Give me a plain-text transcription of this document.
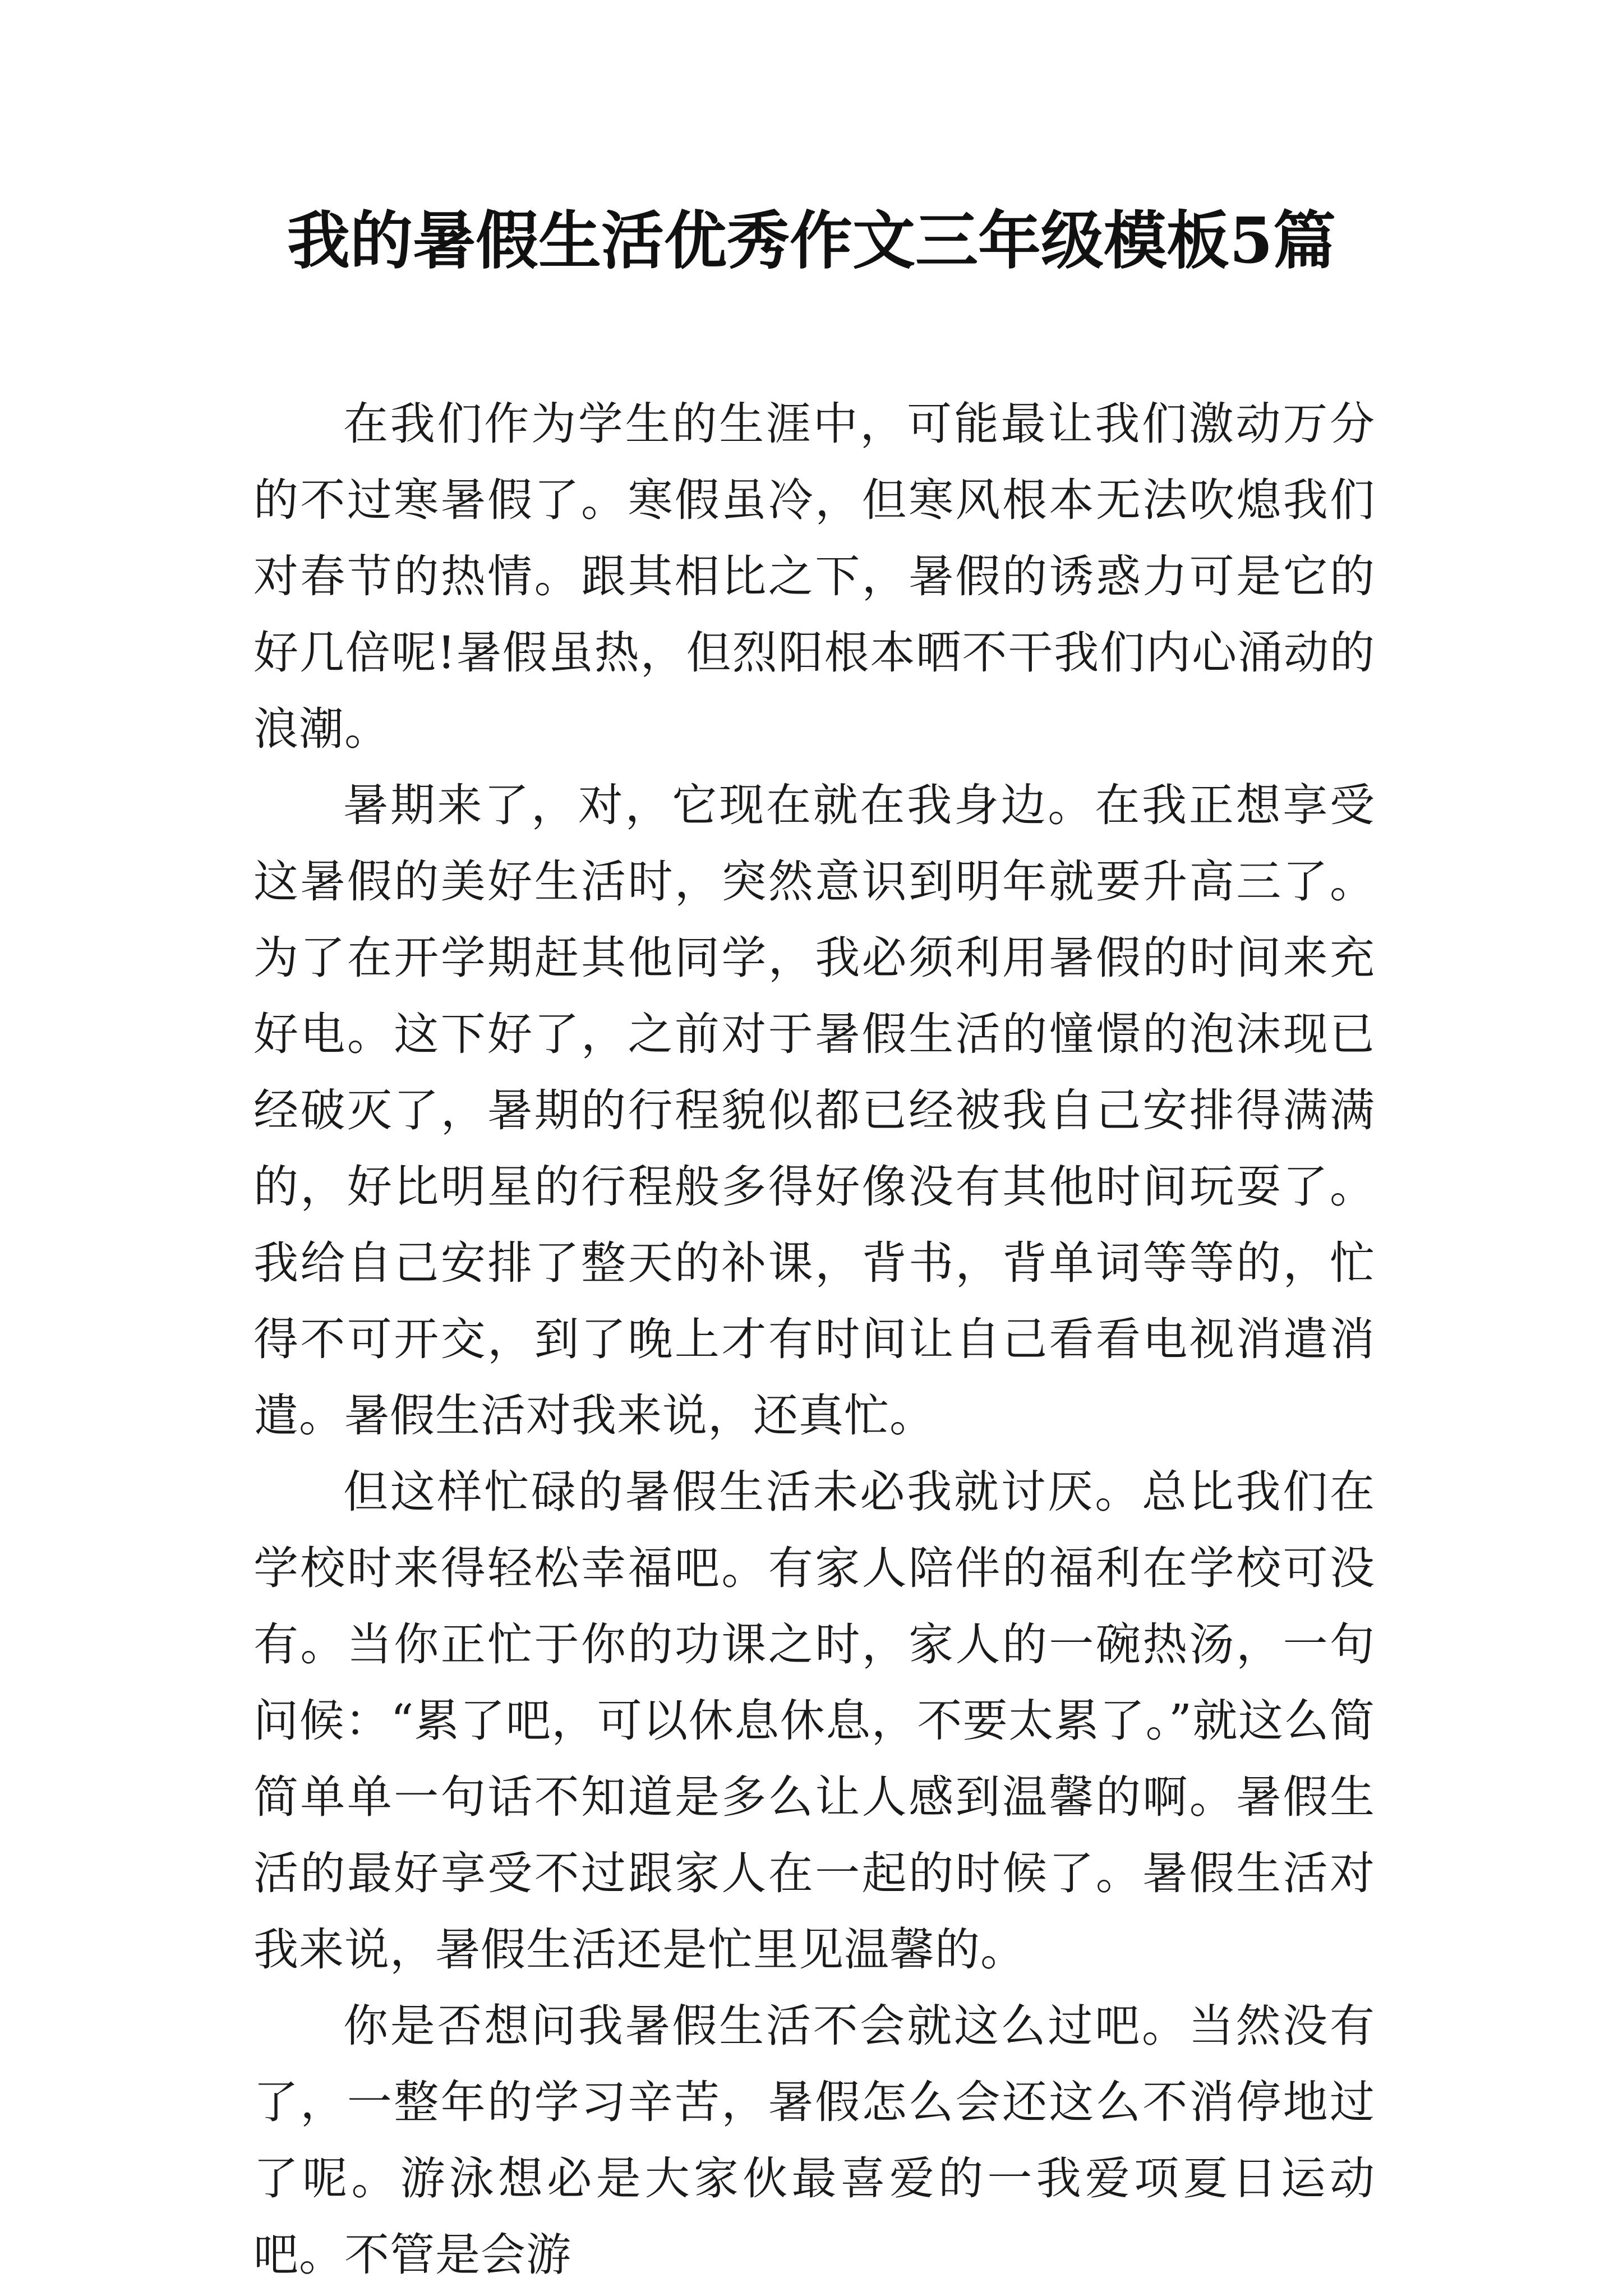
我的暑假生活优秀作文三年级模板5篇

在我们作为学生的生涯中，可能最让我们激动万分的不过寒暑假了。寒假虽冷，但寒风根本无法吹熄我们对春节的热情。跟其相比之下，暑假的诱惑力可是它的好几倍呢!暑假虽热，但烈阳根本晒不干我们内心涌动的浪潮。

暑期来了，对，它现在就在我身边。在我正想享受这暑假的美好生活时，突然意识到明年就要升高三了。为了在开学期赶其他同学，我必须利用暑假的时间来充好电。这下好了，之前对于暑假生活的憧憬的泡沫现已经破灭了，暑期的行程貌似都已经被我自己安排得满满的，好比明星的行程般多得好像没有其他时间玩耍了。我给自己安排了整天的补课，背书，背单词等等的，忙得不可开交，到了晚上才有时间让自己看看电视消遣消遣。暑假生活对我来说，还真忙。

但这样忙碌的暑假生活未必我就讨厌。总比我们在学校时来得轻松幸福吧。有家人陪伴的福利在学校可没有。当你正忙于你的功课之时，家人的一碗热汤，一句问候：“累了吧，可以休息休息，不要太累了。”就这么简简单单一句话不知道是多么让人感到温馨的啊。暑假生活的最好享受不过跟家人在一起的时候了。暑假生活对我来说，暑假生活还是忙里见温馨的。

你是否想问我暑假生活不会就这么过吧。当然没有了，一整年的学习辛苦，暑假怎么会还这么不消停地过了呢。游泳想必是大家伙最喜爱的一我爱项夏日运动吧。不管是会游
